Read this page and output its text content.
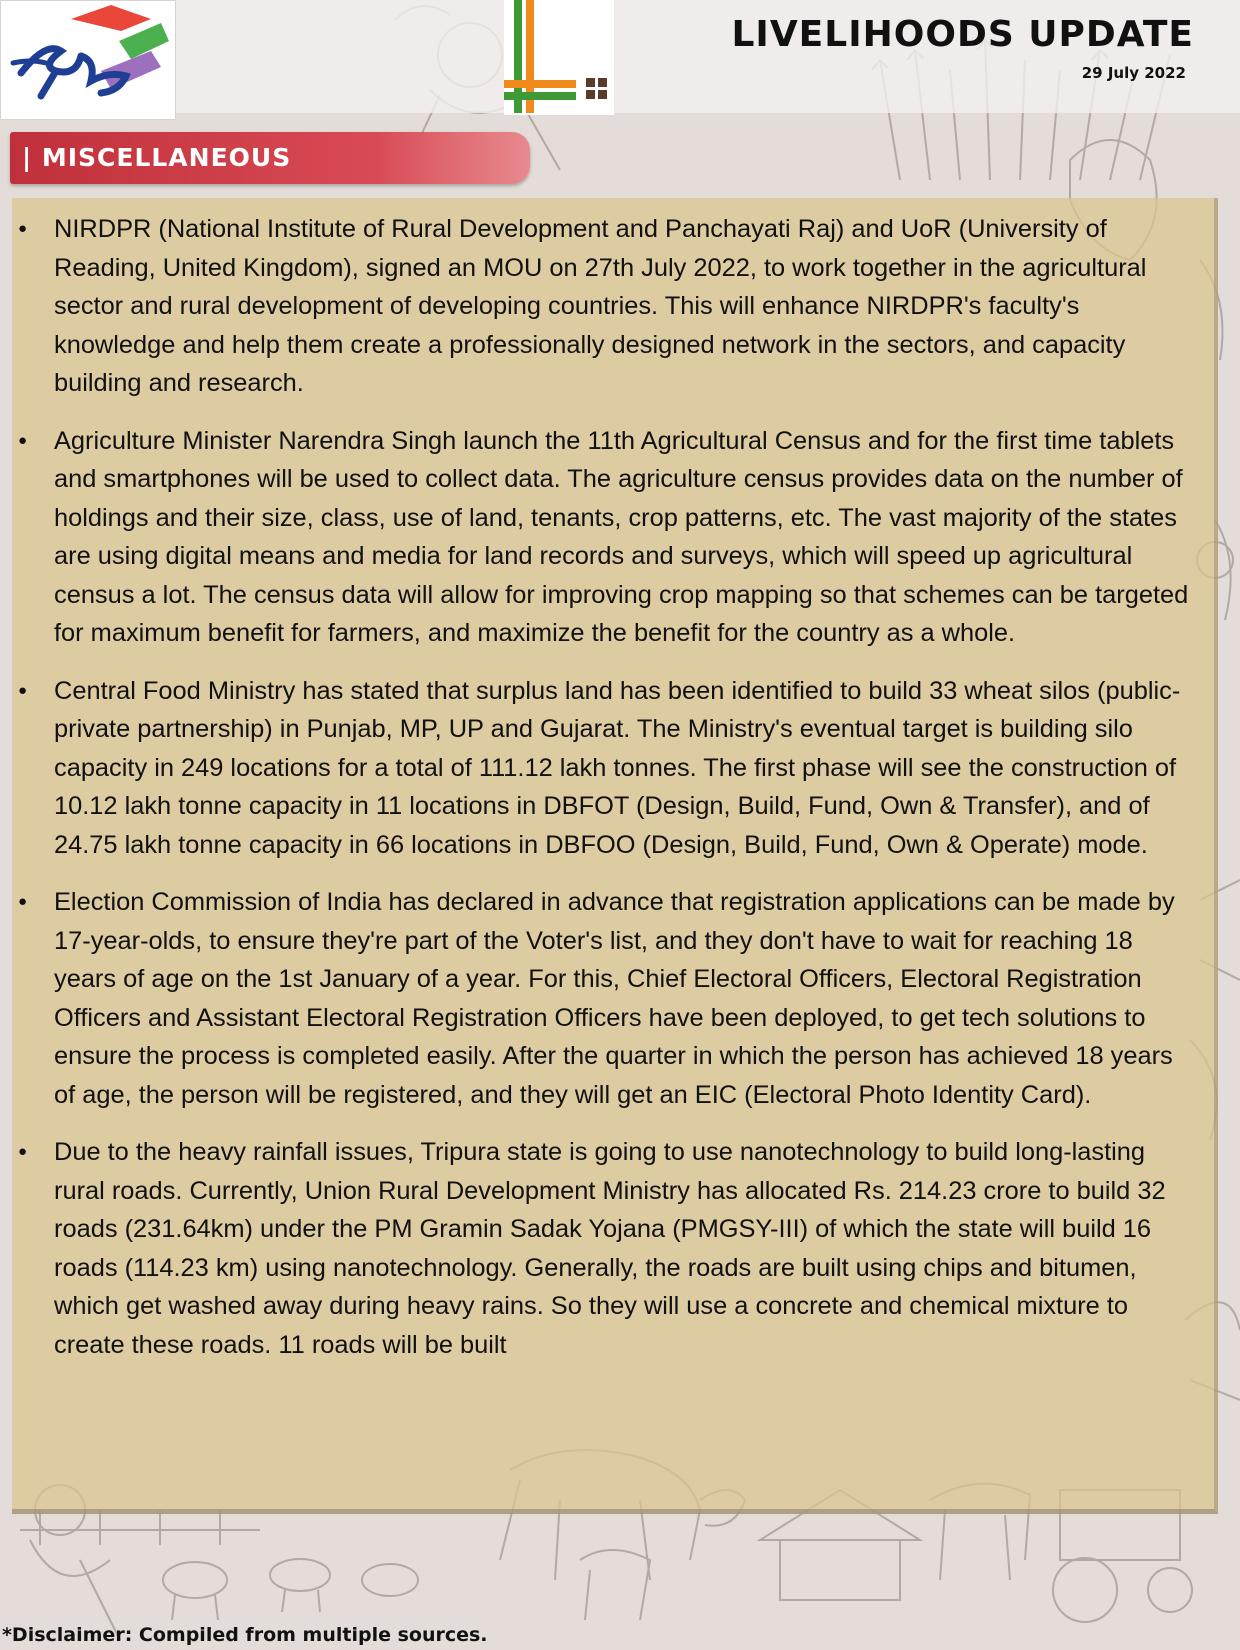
LIVELIHOODS UPDATE
29 July 2022
| MISCELLANEOUS
● NIRDPR (National Institute of Rural Development and Panchayati Raj) and UoR (University of Reading, United Kingdom), signed an MOU on 27th July 2022, to work together in the agricultural sector and rural development of developing countries. This will enhance NIRDPR's faculty's knowledge and help them create a professionally designed network in the sectors, and capacity building and research.
● Agriculture Minister Narendra Singh launch the 11th Agricultural Census and for the first time tablets and smartphones will be used to collect data. The agriculture census provides data on the number of holdings and their size, class, use of land, tenants, crop patterns, etc. The vast majority of the states are using digital means and media for land records and surveys, which will speed up agricultural census a lot. The census data will allow for improving crop mapping so that schemes can be targeted for maximum benefit for farmers, and maximize the benefit for the country as a whole.
● Central Food Ministry has stated that surplus land has been identified to build 33 wheat silos (public-private partnership) in Punjab, MP, UP and Gujarat. The Ministry's eventual target is building silo capacity in 249 locations for a total of 111.12 lakh tonnes. The first phase will see the construction of 10.12 lakh tonne capacity in 11 locations in DBFOT (Design, Build, Fund, Own & Transfer), and of 24.75 lakh tonne capacity in 66 locations in DBFOO (Design, Build, Fund, Own & Operate) mode.
● Election Commission of India has declared in advance that registration applications can be made by 17-year-olds, to ensure they're part of the Voter's list, and they don't have to wait for reaching 18 years of age on the 1st January of a year. For this, Chief Electoral Officers, Electoral Registration Officers and Assistant Electoral Registration Officers have been deployed, to get tech solutions to ensure the process is completed easily. After the quarter in which the person has achieved 18 years of age, the person will be registered, and they will get an EIC (Electoral Photo Identity Card).
● Due to the heavy rainfall issues, Tripura state is going to use nanotechnology to build long-lasting rural roads. Currently, Union Rural Development Ministry has allocated Rs. 214.23 crore to build 32 roads (231.64km) under the PM Gramin Sadak Yojana (PMGSY-III) of which the state will build 16 roads (114.23 km) using nanotechnology. Generally, the roads are built using chips and bitumen, which get washed away during heavy rains. So they will use a concrete and chemical mixture to create these roads. 11 roads will be built

*Disclaimer: Compiled from multiple sources.
